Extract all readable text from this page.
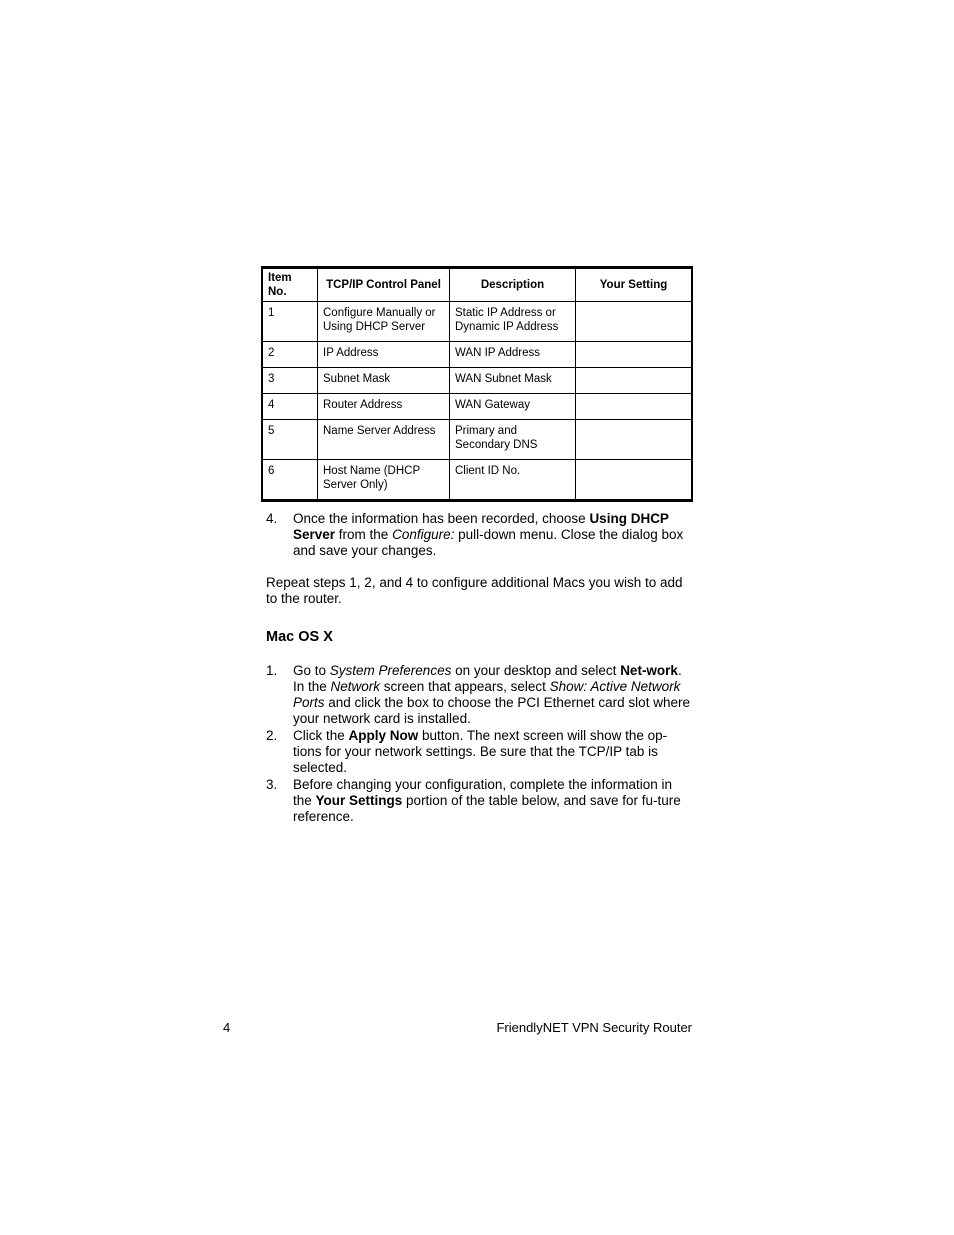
Item No.	TCP/IP Control Panel	Description	Your Setting
1	Configure Manually or Using DHCP Server	Static IP Address or Dynamic IP Address	
2	IP Address	WAN IP Address	
3	Subnet Mask	WAN Subnet Mask	
4	Router Address	WAN Gateway	
5	Name Server Address	Primary and Secondary DNS	
6	Host Name (DHCP Server Only)	Client ID No.	
4. Once the information has been recorded, choose Using DHCP Server from the Configure: pull-down menu. Close the dialog box and save your changes.
Repeat steps 1, 2, and 4 to configure additional Macs you wish to add to the router.
Mac OS X
1. Go to System Preferences on your desktop and select Net-work. In the Network screen that appears, select Show: Active Network Ports and click the box to choose the PCI Ethernet card slot where your network card is installed.
2. Click the Apply Now button. The next screen will show the op-tions for your network settings. Be sure that the TCP/IP tab is selected.
3. Before changing your configuration, complete the information in the Your Settings portion of the table below, and save for fu-ture reference.
4	FriendlyNET VPN Security Router
